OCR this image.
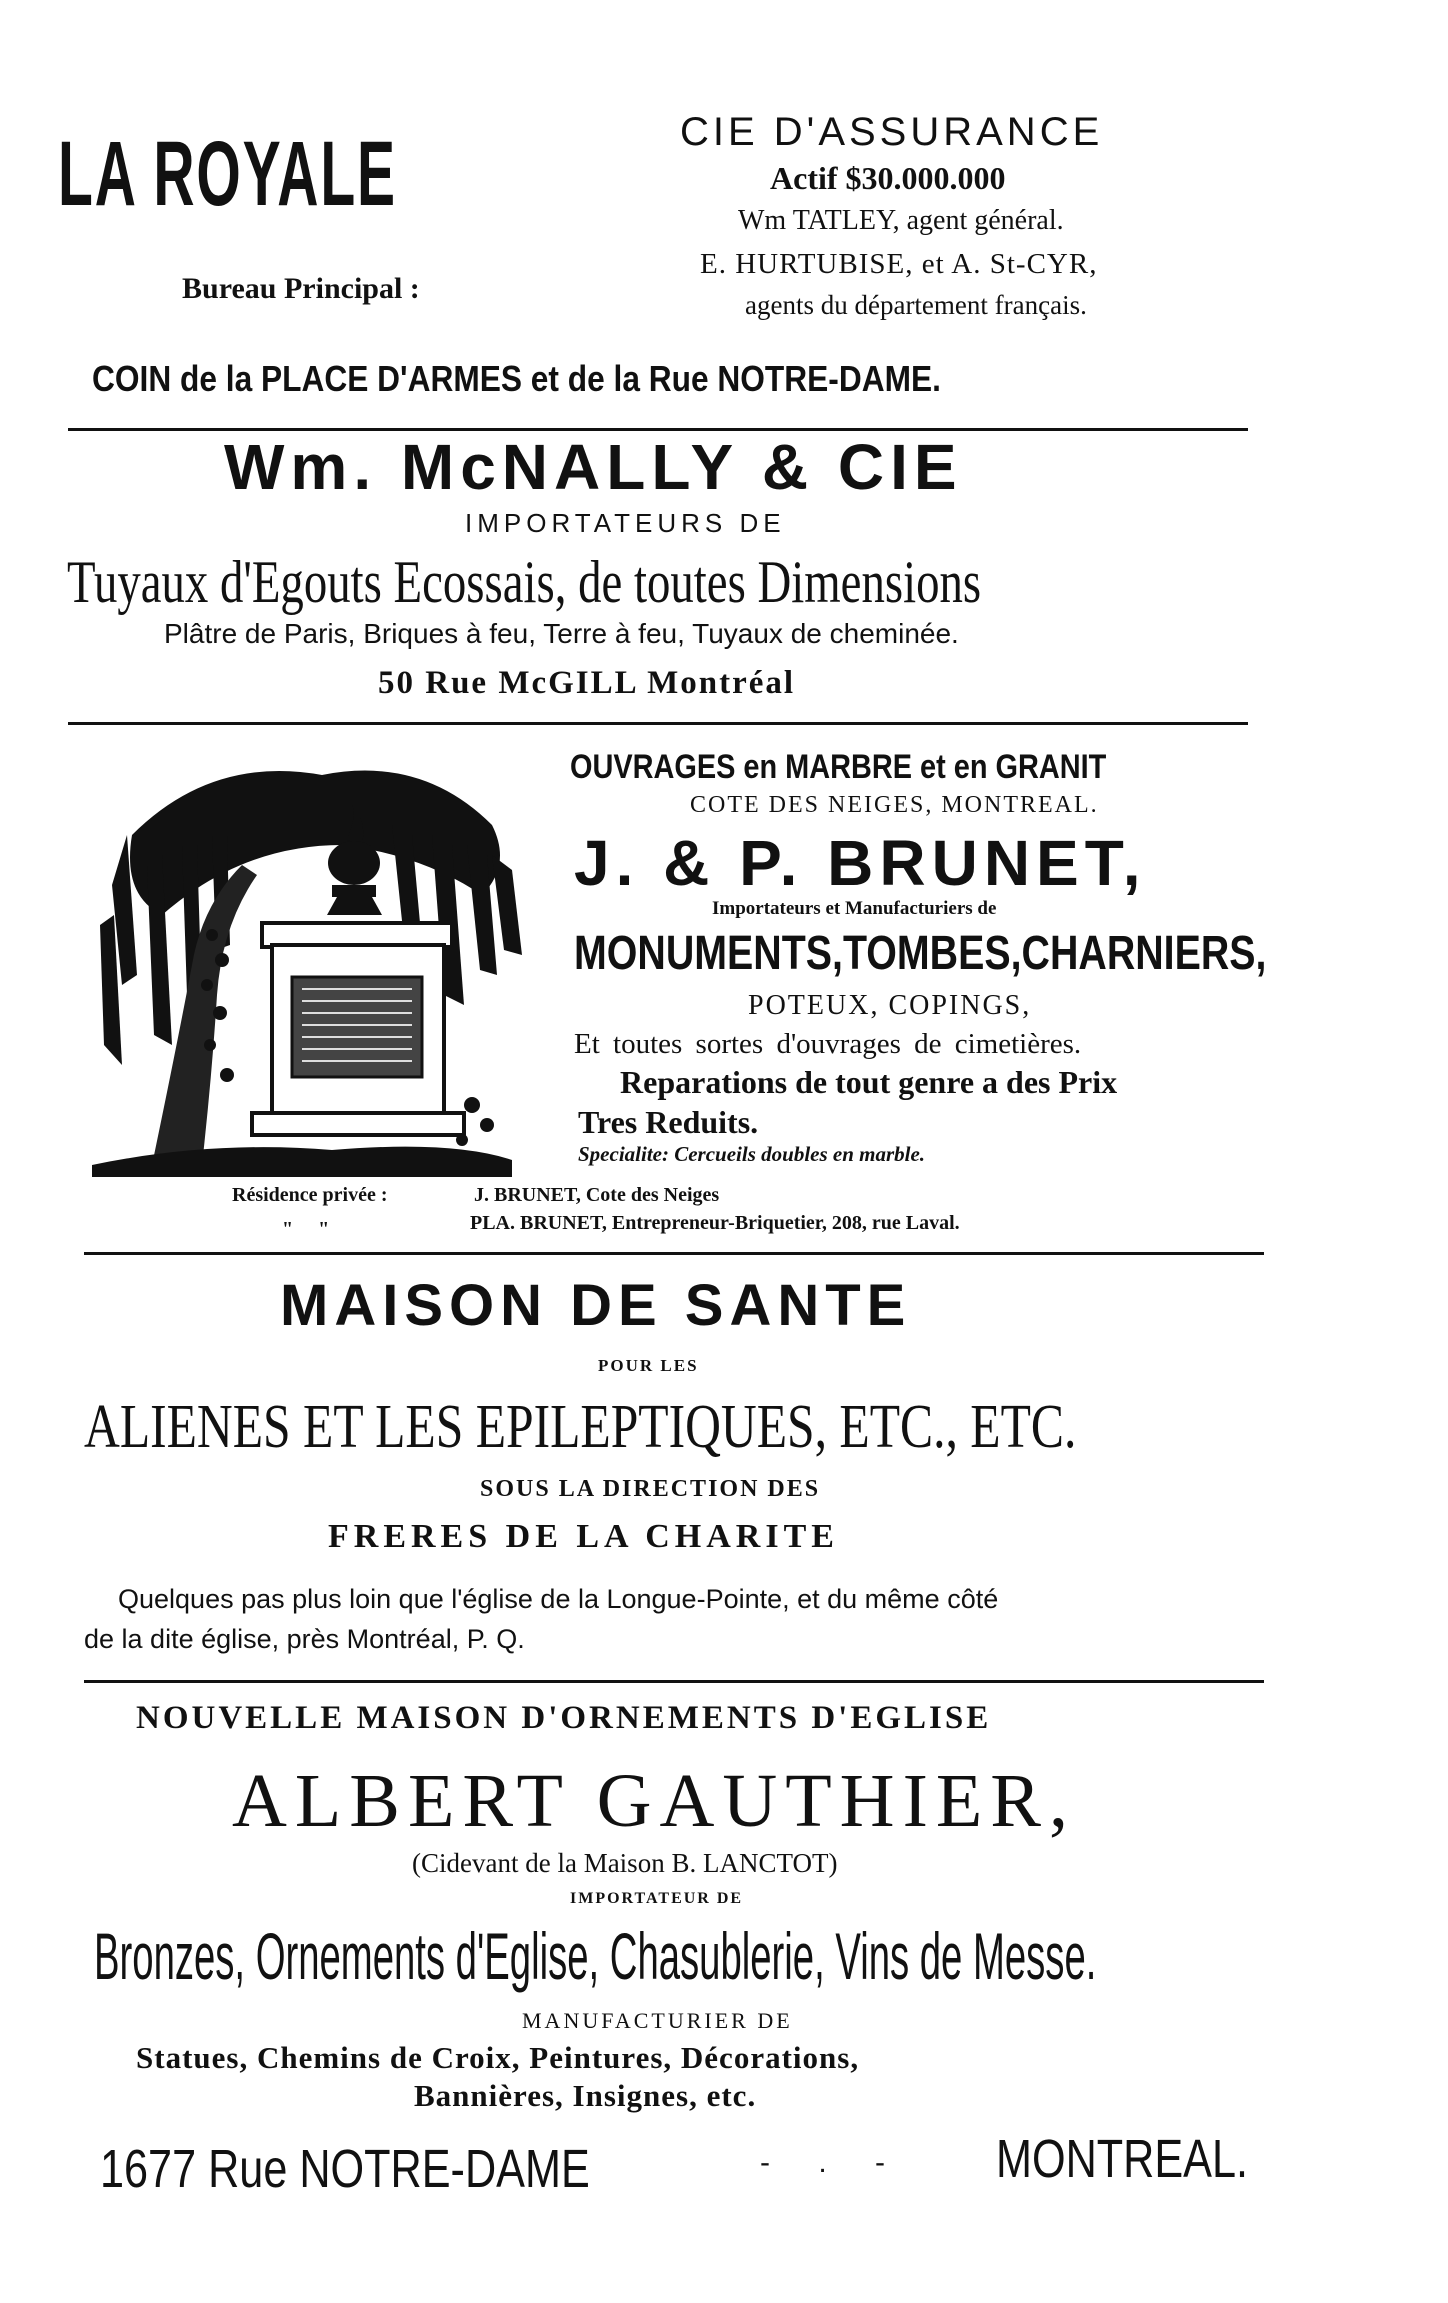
LA ROYALE
Bureau Principal :
CIE D'ASSURANCE
Actif $30.000.000
Wm TATLEY, agent général.
E. HURTUBISE, et A. St-CYR,
agents du département français.
COIN de la PLACE D'ARMES et de la Rue NOTRE-DAME.
Wm. McNALLY & CIE
IMPORTATEURS DE
Tuyaux d'Egouts Ecossais, de toutes Dimensions
Plâtre de Paris, Briques à feu, Terre à feu, Tuyaux de cheminée.
50 Rue McGILL Montréal
OUVRAGES en MARBRE et en GRANIT
COTE DES NEIGES, MONTREAL.
J. & P. BRUNET,
Importateurs et Manufacturiers de
MONUMENTS,TOMBES,CHARNIERS,
POTEUX, COPINGS,
Et toutes sortes d'ouvrages de cimetières.
Reparations de tout genre a des Prix
Tres Reduits.
Specialite: Cercueils doubles en marble.
Résidence privée :	J. BRUNET, Cote des Neiges
"     "	PLA. BRUNET, Entrepreneur-Briquetier, 208, rue Laval.
MAISON DE SANTE
POUR LES
ALIENES ET LES EPILEPTIQUES, ETC., ETC.
SOUS LA DIRECTION DES
FRERES DE LA CHARITE
Quelques pas plus loin que l'église de la Longue-Pointe, et du même côté
de la dite église, près Montréal, P. Q.
NOUVELLE MAISON D'ORNEMENTS D'EGLISE
ALBERT GAUTHIER,
(Cidevant de la Maison B. LANCTOT)
IMPORTATEUR DE
Bronzes, Ornements d'Eglise, Chasublerie, Vins de Messe.
MANUFACTURIER DE
Statues, Chemins de Croix, Peintures, Décorations,
Bannières, Insignes, etc.
1677 Rue NOTRE-DAME	- . - MONTREAL.
